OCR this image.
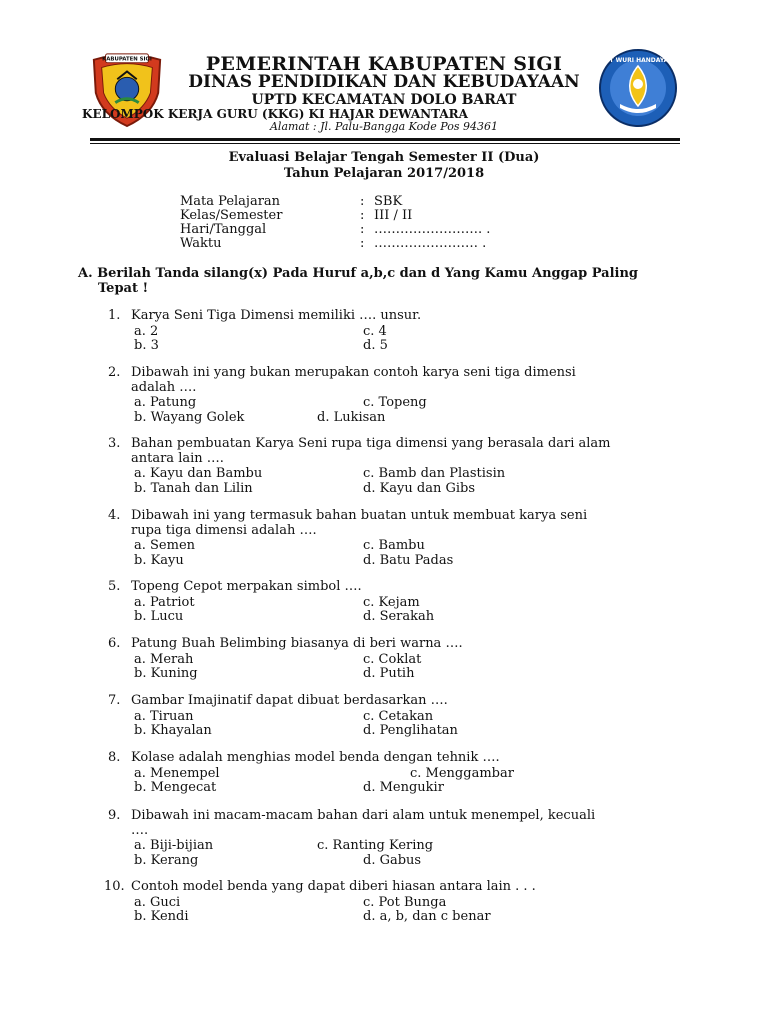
KABUPATEN SIGI	TUT WURI HANDAYANI
PEMERINTAH KABUPATEN SIGI
DINAS PENDIDIKAN DAN KEBUDAYAAN
UPTD KECAMATAN DOLO BARAT
KELOMPOK KERJA GURU (KKG) KI HAJAR DEWANTARA
Alamat : Jl. Palu-Bangga Kode Pos 94361
Evaluasi Belajar Tengah Semester II (Dua)
Tahun Pelajaran 2017/2018
Mata Pelajaran	: SBK
Kelas/Semester	: III / II
Hari/Tanggal	: ……………………. .
Waktu	: …………………… .
A. Berilah Tanda silang(x) Pada Huruf a,b,c dan d Yang Kamu Anggap Paling
Tepat !
1. Karya Seni Tiga Dimensi memiliki …. unsur.
a. 2	c. 4
b. 3	d. 5
2. Dibawah ini yang bukan merupakan contoh karya seni tiga dimensi
adalah ….
a. Patung	c. Topeng
b. Wayang Golek	d. Lukisan
3. Bahan pembuatan Karya Seni rupa tiga dimensi yang berasala dari alam
antara lain ….
a. Kayu dan Bambu	c. Bamb dan Plastisin
b. Tanah dan Lilin	d. Kayu dan Gibs
4. Dibawah ini yang termasuk bahan buatan untuk membuat karya seni
rupa tiga dimensi adalah ….
a. Semen	c. Bambu
b. Kayu	d. Batu Padas
5. Topeng Cepot merpakan simbol ….
a. Patriot	c. Kejam
b. Lucu	d. Serakah
6. Patung Buah Belimbing biasanya di beri warna ….
a. Merah	c. Coklat
b. Kuning	d. Putih
7. Gambar Imajinatif dapat dibuat berdasarkan ….
a. Tiruan	c. Cetakan
b. Khayalan	d. Penglihatan
8. Kolase adalah menghias model benda dengan tehnik ….
a. Menempel	c. Menggambar
b. Mengecat	d. Mengukir
9. Dibawah ini macam-macam bahan dari alam untuk menempel, kecuali
….
a. Biji-bijian	c. Ranting Kering
b. Kerang	d. Gabus
10. Contoh model benda yang dapat diberi hiasan antara lain . . .
a. Guci	c. Pot Bunga
b. Kendi	d. a, b, dan c benar
